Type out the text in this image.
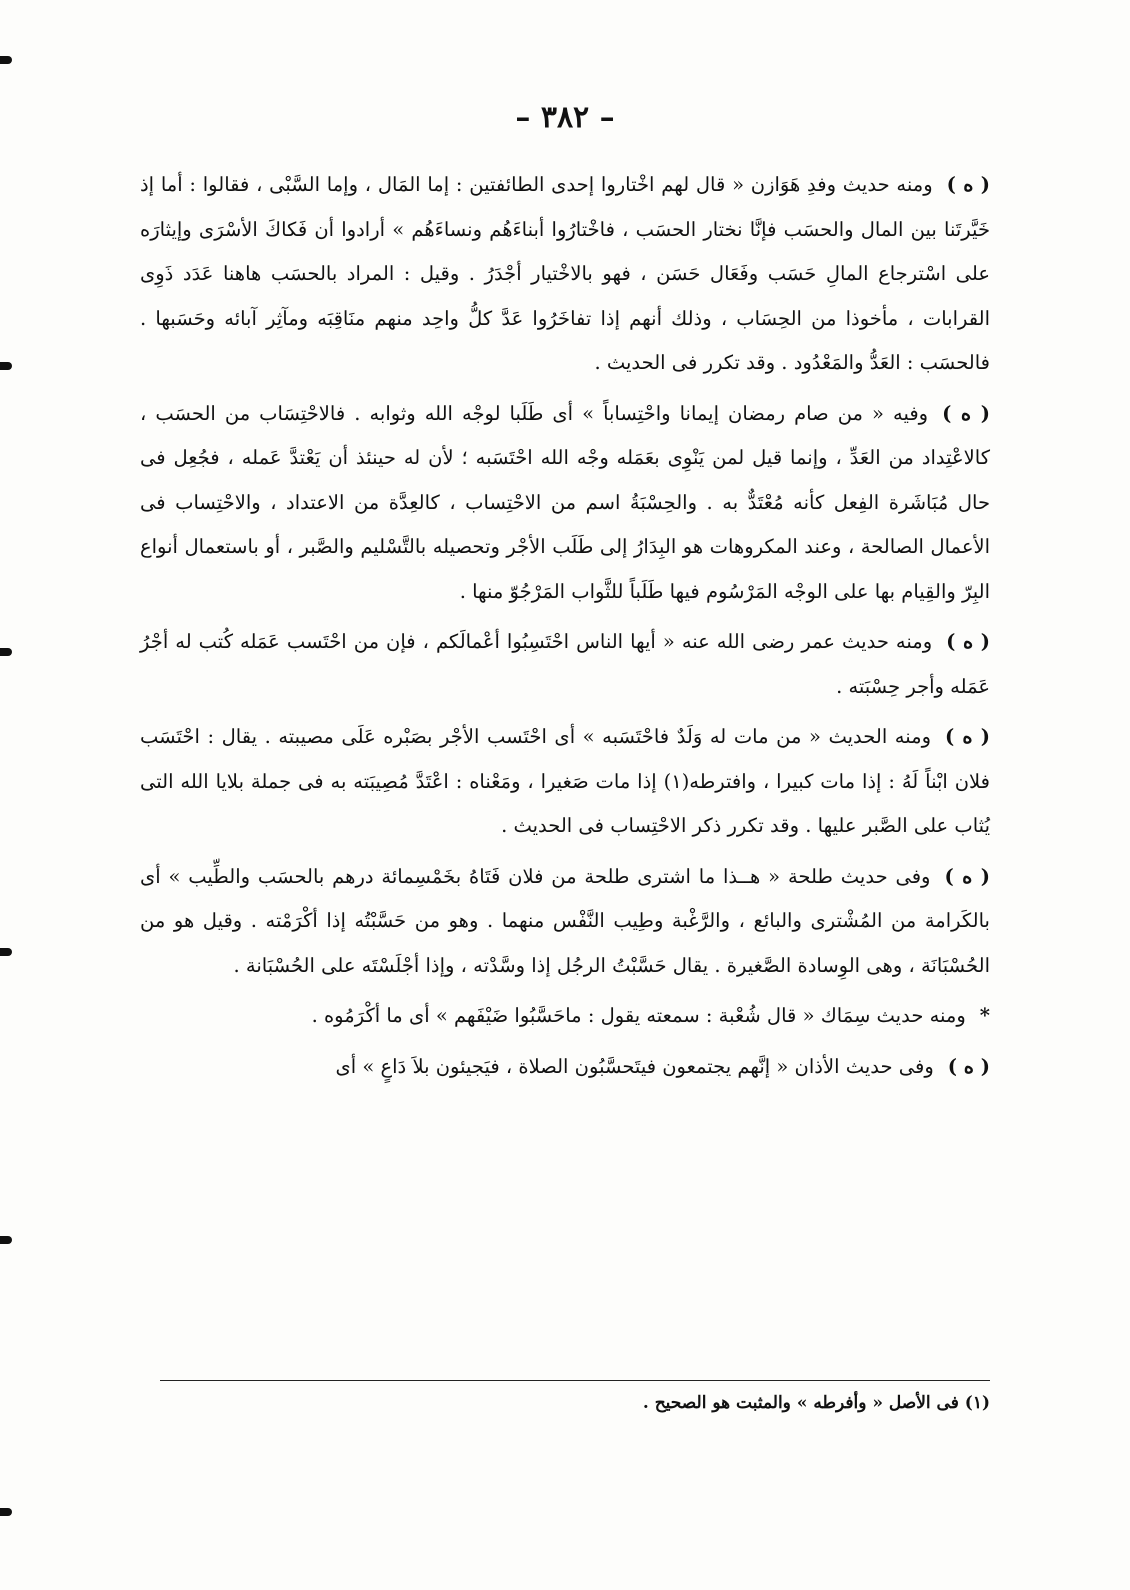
– ٣٨٢ –

( ه )ومنه حديث وفدِ هَوَازن « قال لهم اخْتاروا إحدى الطائفتين : إما المَال ، وإما السَّبْى ، فقالوا : أما إذ خَيَّرتَنا بين المال والحسَب فإنَّا نختار الحسَب ، فاخْتارُوا أبناءَهُم ونساءَهُم » أرادوا أن فَكاكَ الأسْرَى وإيثارَه على اسْترجاع المالِ حَسَب وفَعَال حَسَن ، فهو بالاخْتيار أجْدَرُ . وقيل : المراد بالحسَب هاهنا عَدَد ذَوِى القرابات ، مأخوذا من الحِسَاب ، وذلك أنهم إذا تفاخَرُوا عَدَّ كلُّ واحِد منهم منَاقِبَه ومآثِر آبائه وحَسَبها . فالحسَب : العَدُّ والمَعْدُود . وقد تكرر فى الحديث .

( ه )وفيه « من صام رمضان إيمانا واحْتِساباً » أى طَلَبا لوجْه الله وثوابه . فالاحْتِسَاب من الحسَب ، كالاعْتِداد من العَدِّ ، وإنما قيل لمن يَنْوِى بعَمَله وجْه الله احْتَسَبه ؛ لأن له حينئذ أن يَعْتدَّ عَمله ، فجُعِل فى حال مُبَاشَرة الفِعل كأنه مُعْتَدٌّ به . والحِسْبَةُ اسم من الاحْتِساب ، كالعِدَّة من الاعتداد ، والاحْتِساب فى الأعمال الصالحة ، وعند المكروهات هو البِدَارُ إلى طَلَب الأجْر وتحصيله بالتَّسْليم والصَّبر ، أو باستعمال أنواع البِرّ والقِيام بها على الوجْه المَرْسُوم فيها طَلَباً للثَّواب المَرْجُوّ منها .

( ه )ومنه حديث عمر رضى الله عنه « أيها الناس احْتَسِبُوا أعْمالَكم ، فإن من احْتَسب عَمَله كُتب له أجْرُ عَمَله وأجر حِسْبَته .

( ه )ومنه الحديث « من مات له وَلَدٌ فاحْتَسَبه » أى احْتَسب الأجْر بصَبْره عَلَى مصيبته . يقال : احْتَسَب فلان ابْناً لَهُ : إذا مات كبيرا ، وافترطه(١) إذا مات صَغيرا ، ومَعْناه : اعْتَدَّ مُصِيبَته به فى جملة بلايا الله التى يُثاب على الصَّبر عليها . وقد تكرر ذكر الاحْتِساب فى الحديث .

( ه )وفى حديث طلحة « هــذا ما اشترى طلحة من فلان فَتَاهُ بخَمْسِمائة درهم بالحسَب والطِّيب » أى بالكَرامة من المُشْترى والبائع ، والرَّغْبة وطِيب النَّفْس منهما . وهو من حَسَّبْتُه إذا أكْرَمْته . وقيل هو من الحُسْبَانَة ، وهى الوِسادة الصَّغيرة . يقال حَسَّبْتُ الرجُل إذا وسَّدْته ، وإذا أجْلَسْتَه على الحُسْبَانة .

*ومنه حديث سِمَاك « قال شُعْبة : سمعته يقول : ماحَسَّبُوا ضَيْفَهم » أى ما أكْرَمُوه .

( ه )وفى حديث الأذان « إنَّهم يجتمعون فيتَحسَّبُون الصلاة ، فيَجيئون بلاَ دَاعٍ » أى

(١) فى الأصل « وأفرطه » والمثبت هو الصحيح .
